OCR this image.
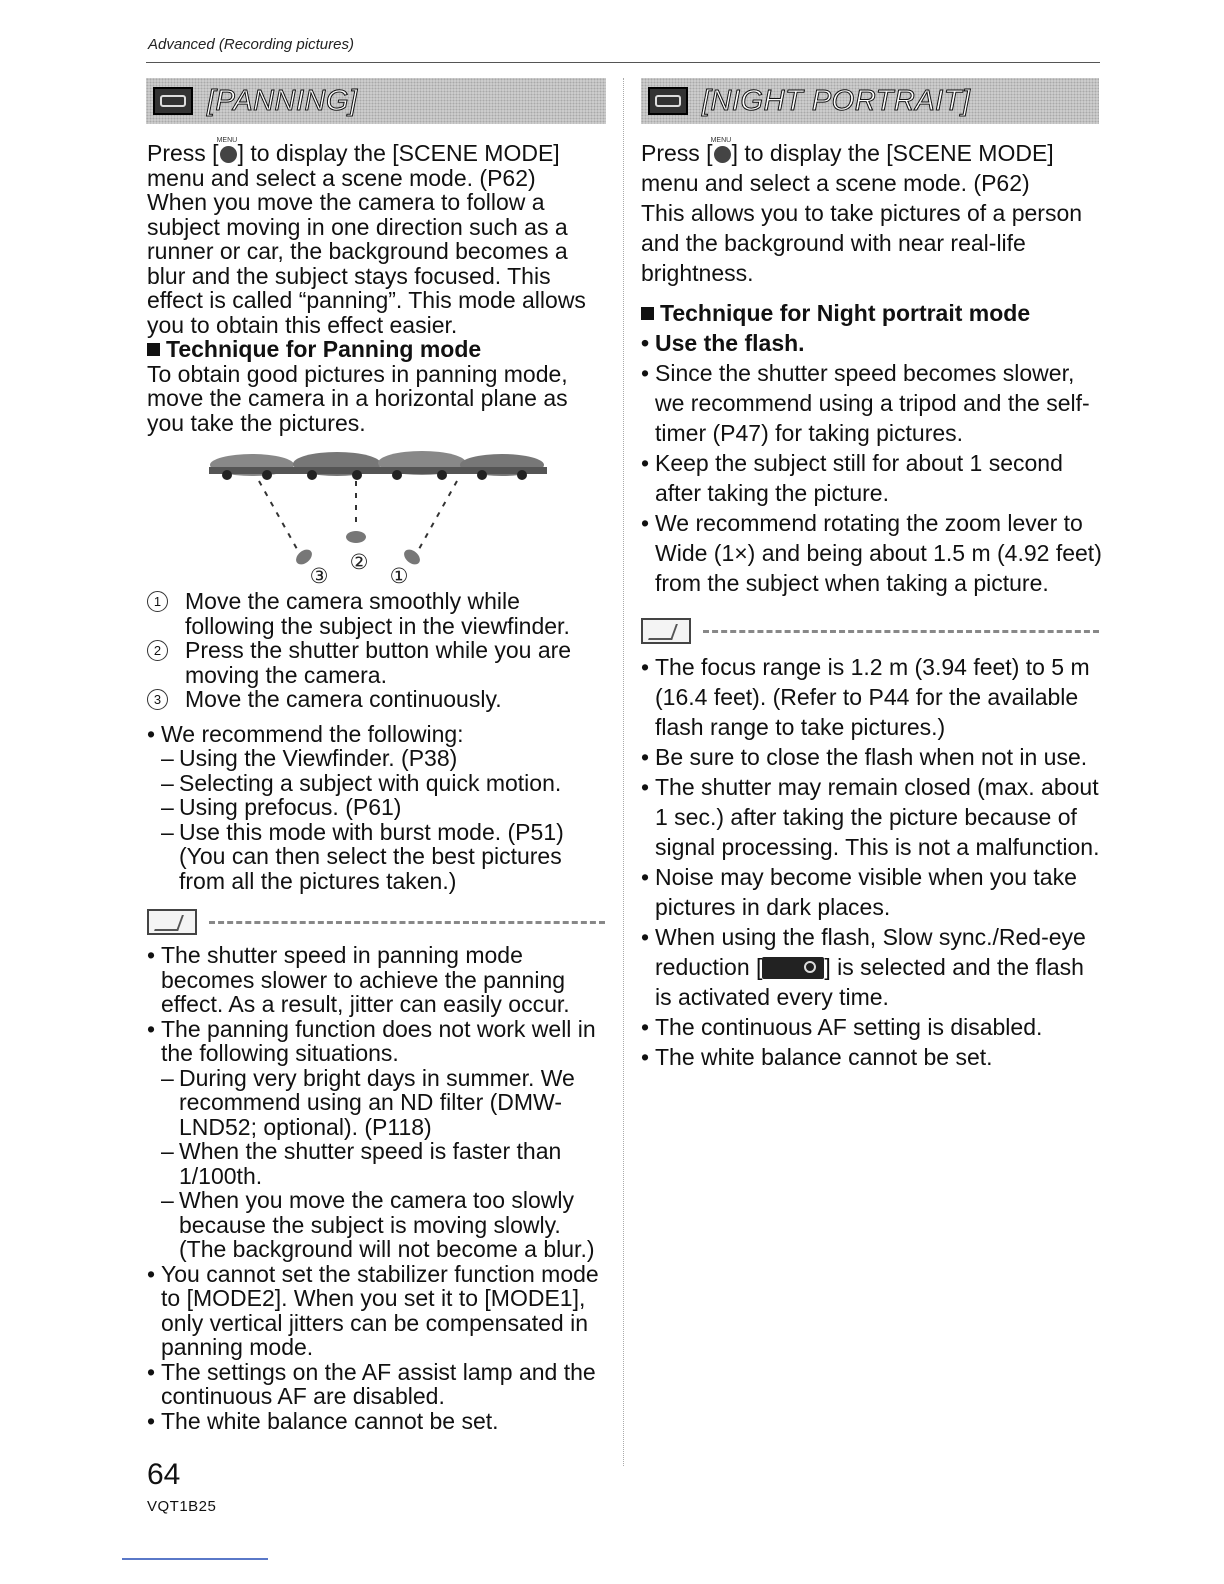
Advanced (Recording pictures)
[PANNING]	[NIGHT PORTRAIT]

Press [ MENU ] to display the [SCENE MODE] menu and select a scene mode. (P62)

When you move the camera to follow a subject moving in one direction such as a runner or car, the background becomes a blur and the subject stays focused. This effect is called “panning”. This mode allows you to obtain this effect easier.

Technique for Panning mode

To obtain good pictures in panning mode, move the camera in a horizontal plane as you take the pictures.

③
②
①
1 Move the camera smoothly while following the subject in the viewfinder.
2 Press the shutter button while you are moving the camera.
3 Move the camera continuously.
• We recommend the following:
– Using the Viewfinder. (P38)
– Selecting a subject with quick motion.
– Using prefocus. (P61)
– Use this mode with burst mode. (P51) (You can then select the best pictures from all the pictures taken.)
• The shutter speed in panning mode becomes slower to achieve the panning effect. As a result, jitter can easily occur.
• The panning function does not work well in the following situations.
– During very bright days in summer. We recommend using an ND filter (DMW-LND52; optional). (P118)
– When the shutter speed is faster than 1/100th.
– When you move the camera too slowly because the subject is moving slowly. (The background will not become a blur.)
• You cannot set the stabilizer function mode to [MODE2]. When you set it to [MODE1], only vertical jitters can be compensated in panning mode.
• The settings on the AF assist lamp and the continuous AF are disabled.
• The white balance cannot be set.

Press [ MENU ] to display the [SCENE MODE] menu and select a scene mode. (P62)

This allows you to take pictures of a person and the background with near real-life brightness.

Technique for Night portrait mode

• Use the flash.
• Since the shutter speed becomes slower, we recommend using a tripod and the self-timer (P47) for taking pictures.
• Keep the subject still for about 1 second after taking the picture.
• We recommend rotating the zoom lever to Wide (1×) and being about 1.5 m (4.92 feet) from the subject when taking a picture.
• The focus range is 1.2 m (3.94 feet) to 5 m (16.4 feet). (Refer to P44 for the available flash range to take pictures.)
• Be sure to close the flash when not in use.
• The shutter may remain closed (max. about 1 sec.) after taking the picture because of signal processing. This is not a malfunction.
• Noise may become visible when you take pictures in dark places.
• When using the flash, Slow sync./Red-eye reduction [	] is selected and the flash is activated every time.
• The continuous AF setting is disabled.
• The white balance cannot be set.
64
VQT1B25
